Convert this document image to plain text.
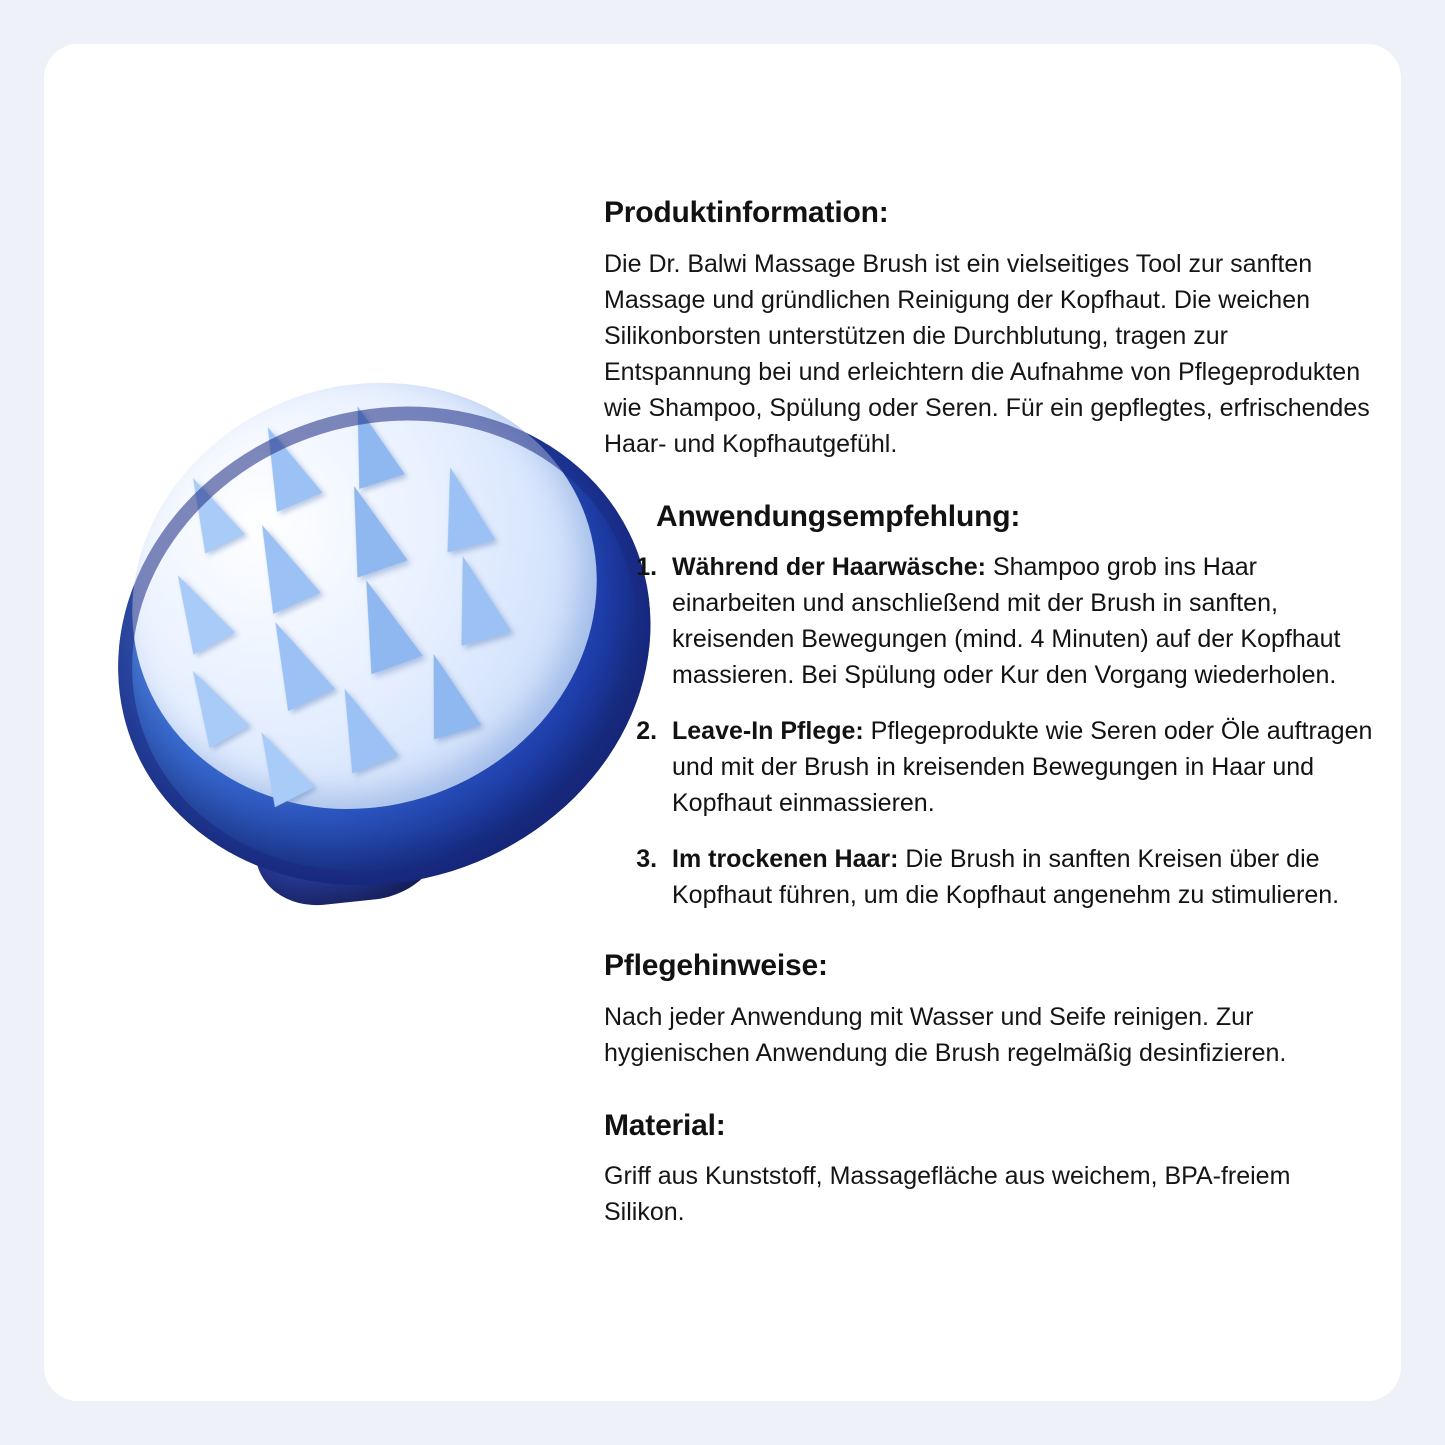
Produktinformation:

Die Dr. Balwi Massage Brush ist ein vielseitiges Tool zur sanften Massage und gründlichen Reinigung der Kopfhaut. Die weichen Silikonborsten unterstützen die Durchblutung, tragen zur Entspannung bei und erleichtern die Aufnahme von Pflegeprodukten wie Shampoo, Spülung oder Seren. Für ein gepflegtes, erfrischendes Haar- und Kopfhautgefühl.

Anwendungsempfehlung:
1. Während der Haarwäsche: Shampoo grob ins Haar einarbeiten und anschließend mit der Brush in sanften, kreisenden Bewegungen (mind. 4 Minuten) auf der Kopfhaut massieren. Bei Spülung oder Kur den Vorgang wiederholen.
2. Leave-In Pflege: Pflegeprodukte wie Seren oder Öle auftragen und mit der Brush in kreisenden Bewegungen in Haar und Kopfhaut einmassieren.
3. Im trockenen Haar: Die Brush in sanften Kreisen über die Kopfhaut führen, um die Kopfhaut angenehm zu stimulieren.
Pflegehinweise:

Nach jeder Anwendung mit Wasser und Seife reinigen. Zur hygienischen Anwendung die Brush regelmäßig desinfizieren.

Material:

Griff aus Kunststoff, Massagefläche aus weichem, BPA-freiem Silikon.
